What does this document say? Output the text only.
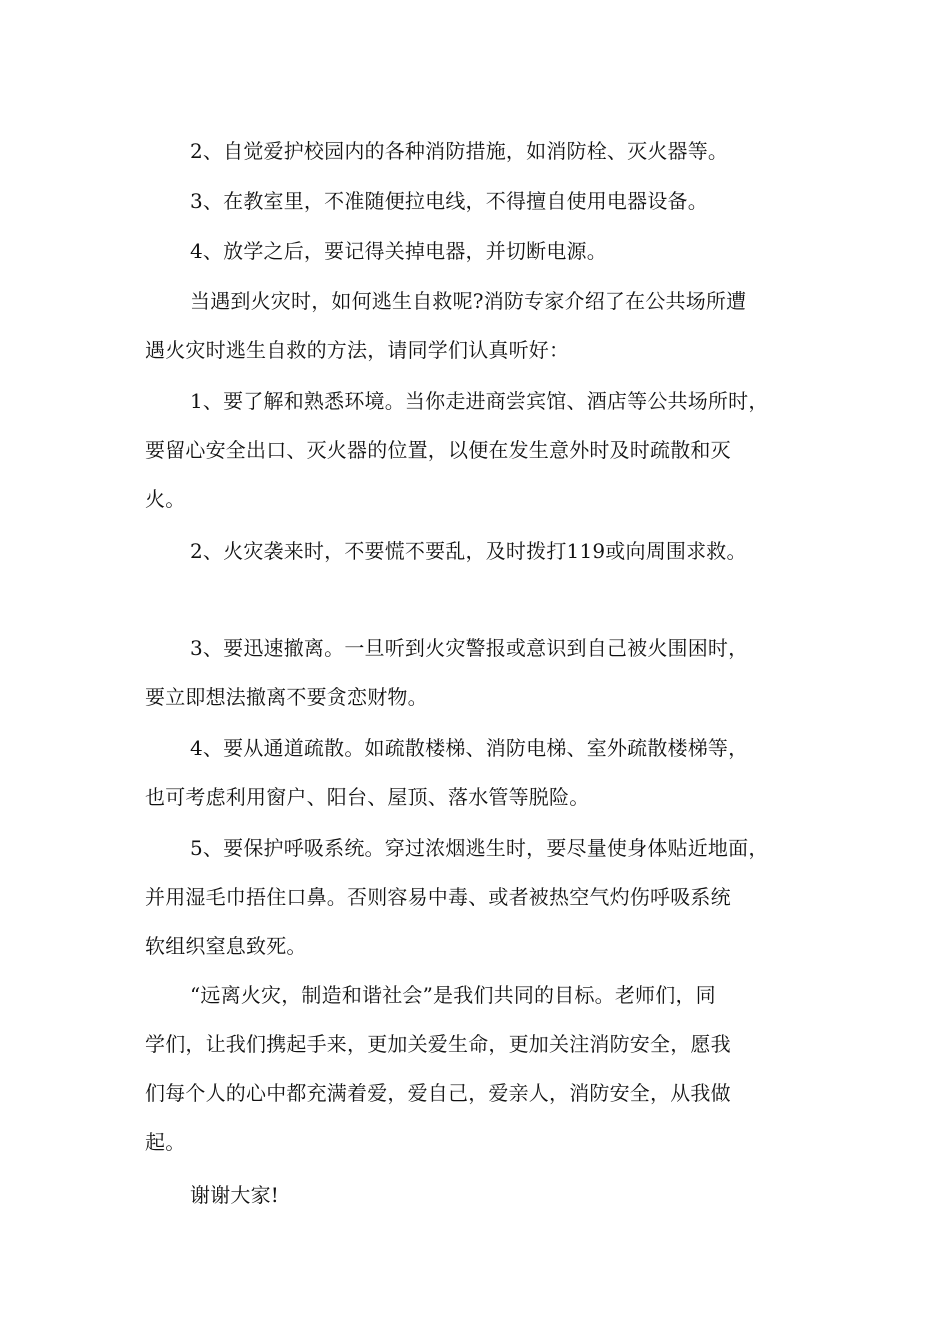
2、自觉爱护校园内的各种消防措施，如消防栓、灭火器等。
3、在教室里，不准随便拉电线，不得擅自使用电器设备。
4、放学之后，要记得关掉电器，并切断电源。
当遇到火灾时，如何逃生自救呢?消防专家介绍了在公共场所遭
遇火灾时逃生自救的方法，请同学们认真听好：
1、要了解和熟悉环境。当你走进商尝宾馆、酒店等公共场所时，
要留心安全出口、灭火器的位置，以便在发生意外时及时疏散和灭
火。
2、火灾袭来时，不要慌不要乱，及时拨打119或向周围求救。
3、要迅速撤离。一旦听到火灾警报或意识到自己被火围困时，
要立即想法撤离不要贪恋财物。
4、要从通道疏散。如疏散楼梯、消防电梯、室外疏散楼梯等，
也可考虑利用窗户、阳台、屋顶、落水管等脱险。
5、要保护呼吸系统。穿过浓烟逃生时，要尽量使身体贴近地面，
并用湿毛巾捂住口鼻。否则容易中毒、或者被热空气灼伤呼吸系统
软组织窒息致死。
“远离火灾，制造和谐社会”是我们共同的目标。老师们，同
学们，让我们携起手来，更加关爱生命，更加关注消防安全，愿我
们每个人的心中都充满着爱，爱自己，爱亲人，消防安全，从我做
起。
谢谢大家!
